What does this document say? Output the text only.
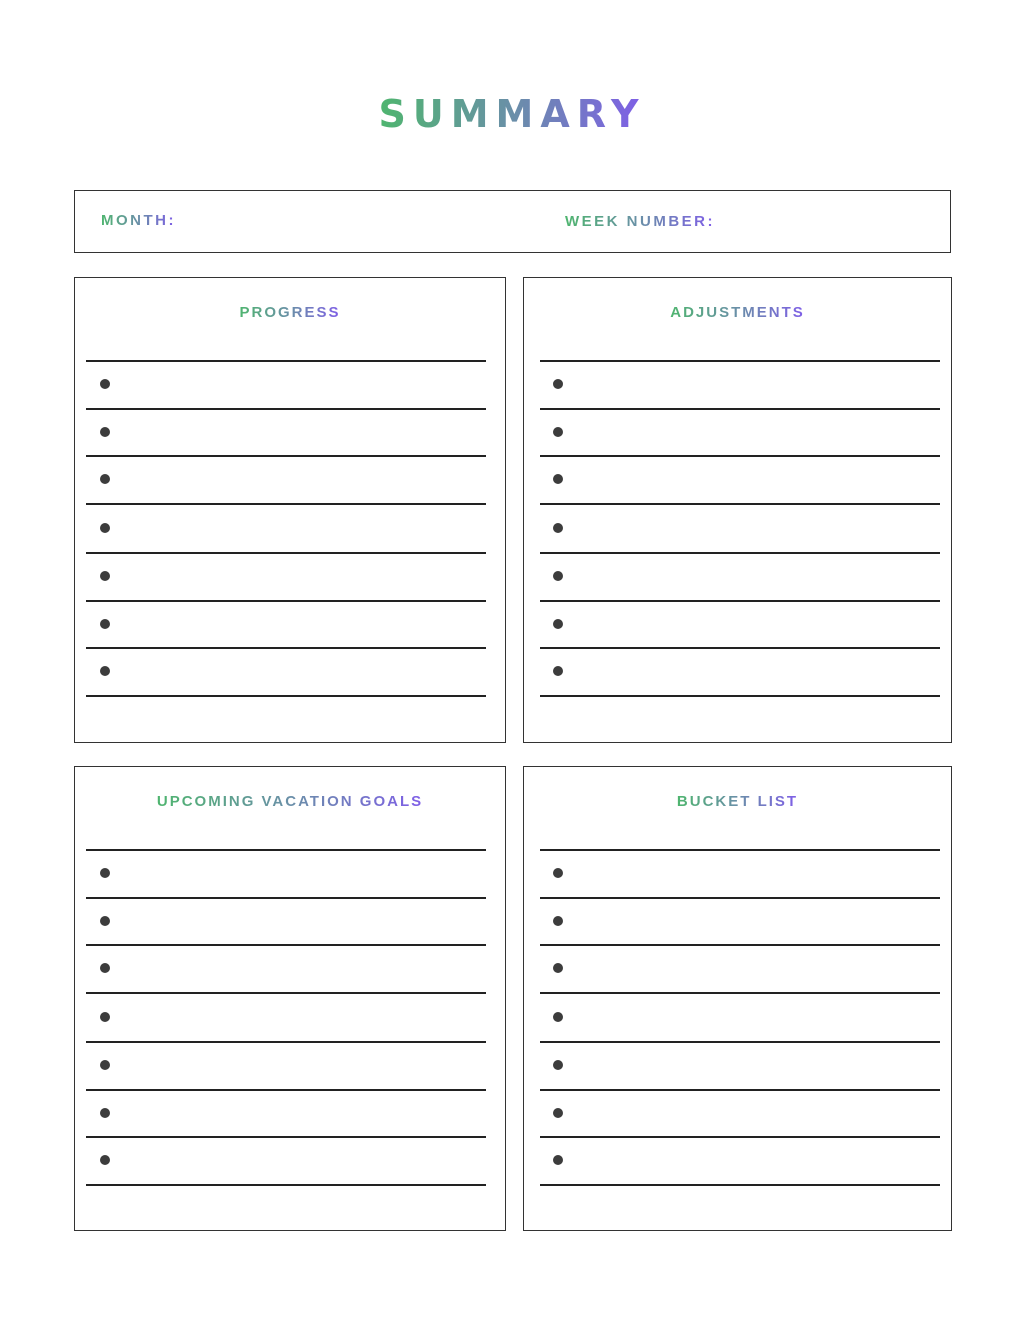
SUMMARY
MONTH:	WEEK NUMBER:
PROGRESS	ADJUSTMENTS
UPCOMING VACATION GOALS	BUCKET LIST
